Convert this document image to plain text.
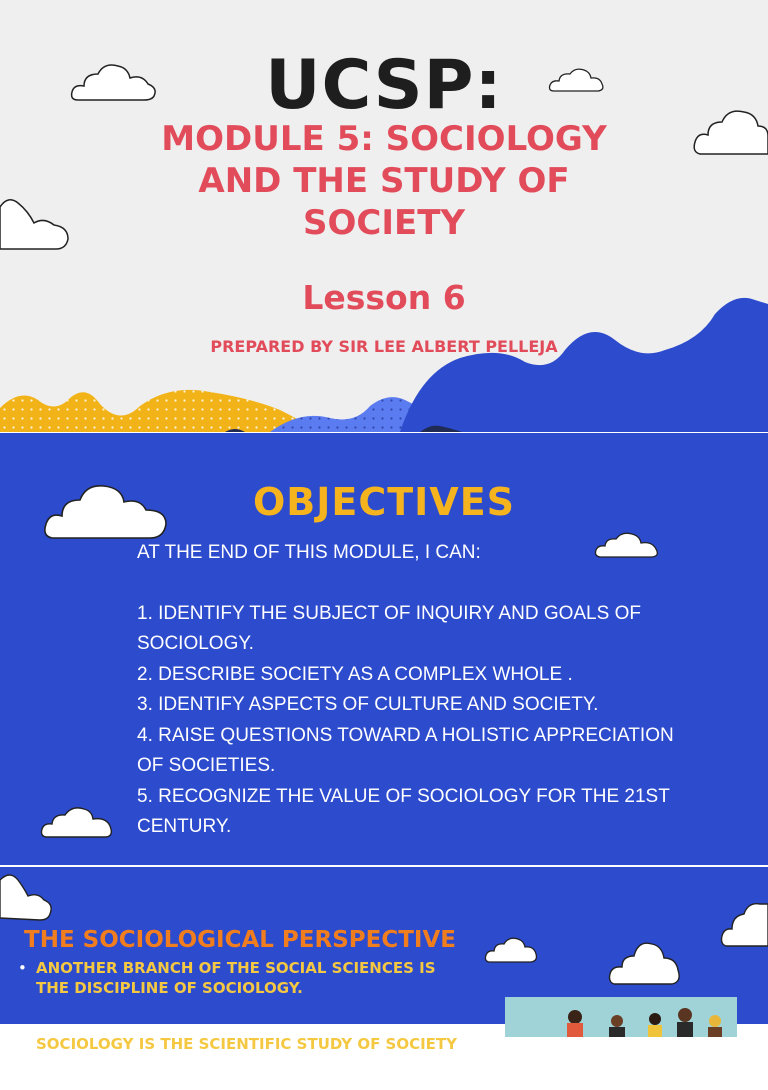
UCSP:
MODULE 5: SOCIOLOGY
AND THE STUDY OF
SOCIETY
Lesson 6
PREPARED BY SIR LEE ALBERT PELLEJA
OBJECTIVES
AT THE END OF THIS MODULE, I CAN:
1. IDENTIFY THE SUBJECT OF INQUIRY AND GOALS OF SOCIOLOGY.
2. DESCRIBE SOCIETY AS A COMPLEX WHOLE .
3. IDENTIFY ASPECTS OF CULTURE AND SOCIETY.
4. RAISE QUESTIONS TOWARD A HOLISTIC APPRECIATION OF SOCIETIES.
5. RECOGNIZE THE VALUE OF SOCIOLOGY FOR THE 21ST CENTURY.
THE SOCIOLOGICAL PERSPECTIVE
• ANOTHER BRANCH OF THE SOCIAL SCIENCES IS THE DISCIPLINE OF SOCIOLOGY.
• SOCIOLOGY IS THE SCIENTIFIC STUDY OF SOCIETY
